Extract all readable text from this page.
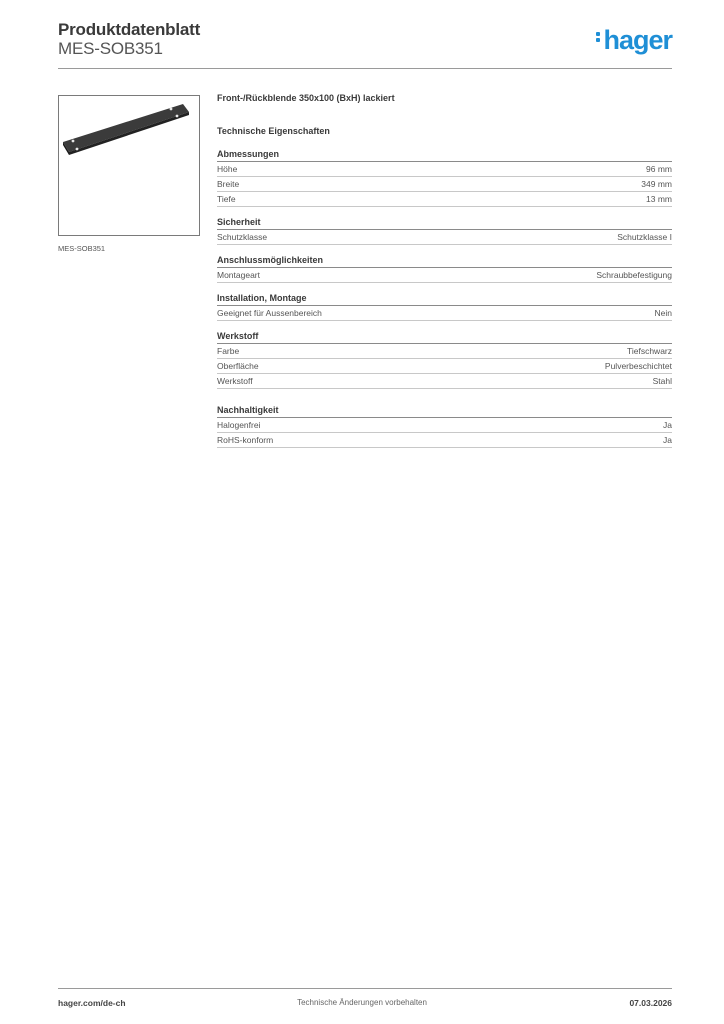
Produktdatenblatt
MES-SOB351	hager
MES-SOB351
Front-/Rückblende 350x100 (BxH) lackiert
Technische Eigenschaften
Abmessungen
Höhe	96 mm
Breite	349 mm
Tiefe	13 mm
Sicherheit
Schutzklasse	Schutzklasse I
Anschlussmöglichkeiten
Montageart	Schraubbefestigung
Installation, Montage
Geeignet für Aussenbereich	Nein
Werkstoff
Farbe	Tiefschwarz
Oberfläche	Pulverbeschichtet
Werkstoff	Stahl
Nachhaltigkeit
Halogenfrei	Ja
RoHS-konform	Ja
hager.com/de-ch	Technische Änderungen vorbehalten	07.03.2026
